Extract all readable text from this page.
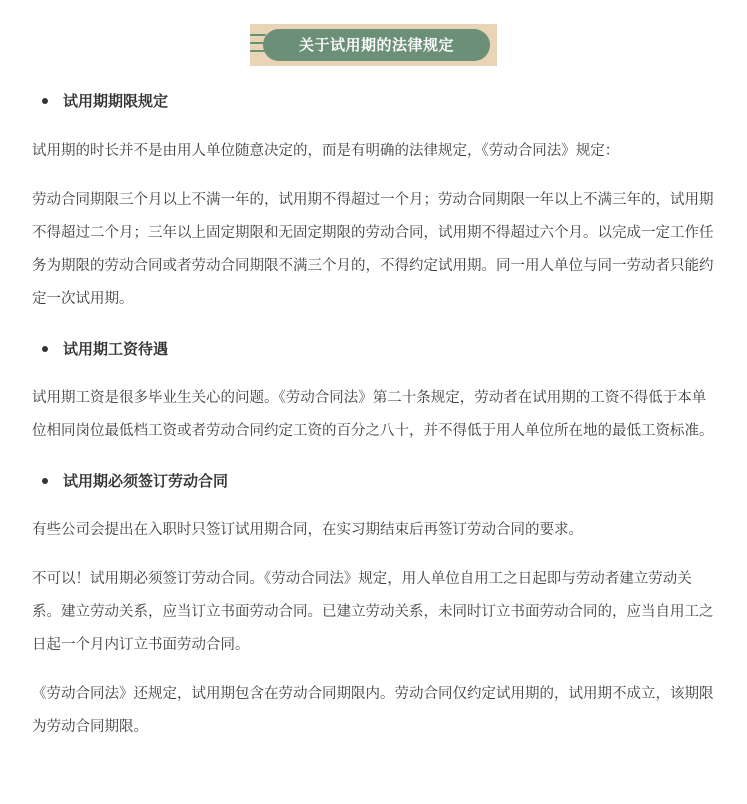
关于试用期的法律规定
试用期期限规定

试用期的时长并不是由用人单位随意决定的，而是有明确的法律规定，《劳动合同法》规定：

劳动合同期限三个月以上不满一年的，试用期不得超过一个月；劳动合同期限一年以上不满三年的，试用期不得超过二个月；三年以上固定期限和无固定期限的劳动合同，试用期不得超过六个月。以完成一定工作任务为期限的劳动合同或者劳动合同期限不满三个月的，不得约定试用期。同一用人单位与同一劳动者只能约定一次试用期。

试用期工资待遇

试用期工资是很多毕业生关心的问题。《劳动合同法》第二十条规定，劳动者在试用期的工资不得低于本单位相同岗位最低档工资或者劳动合同约定工资的百分之八十，并不得低于用人单位所在地的最低工资标准。

试用期必须签订劳动合同

有些公司会提出在入职时只签订试用期合同，在实习期结束后再签订劳动合同的要求。

不可以！试用期必须签订劳动合同。《劳动合同法》规定，用人单位自用工之日起即与劳动者建立劳动关系。建立劳动关系，应当订立书面劳动合同。已建立劳动关系，未同时订立书面劳动合同的，应当自用工之日起一个月内订立书面劳动合同。

《劳动合同法》还规定，试用期包含在劳动合同期限内。劳动合同仅约定试用期的，试用期不成立，该期限为劳动合同期限。
